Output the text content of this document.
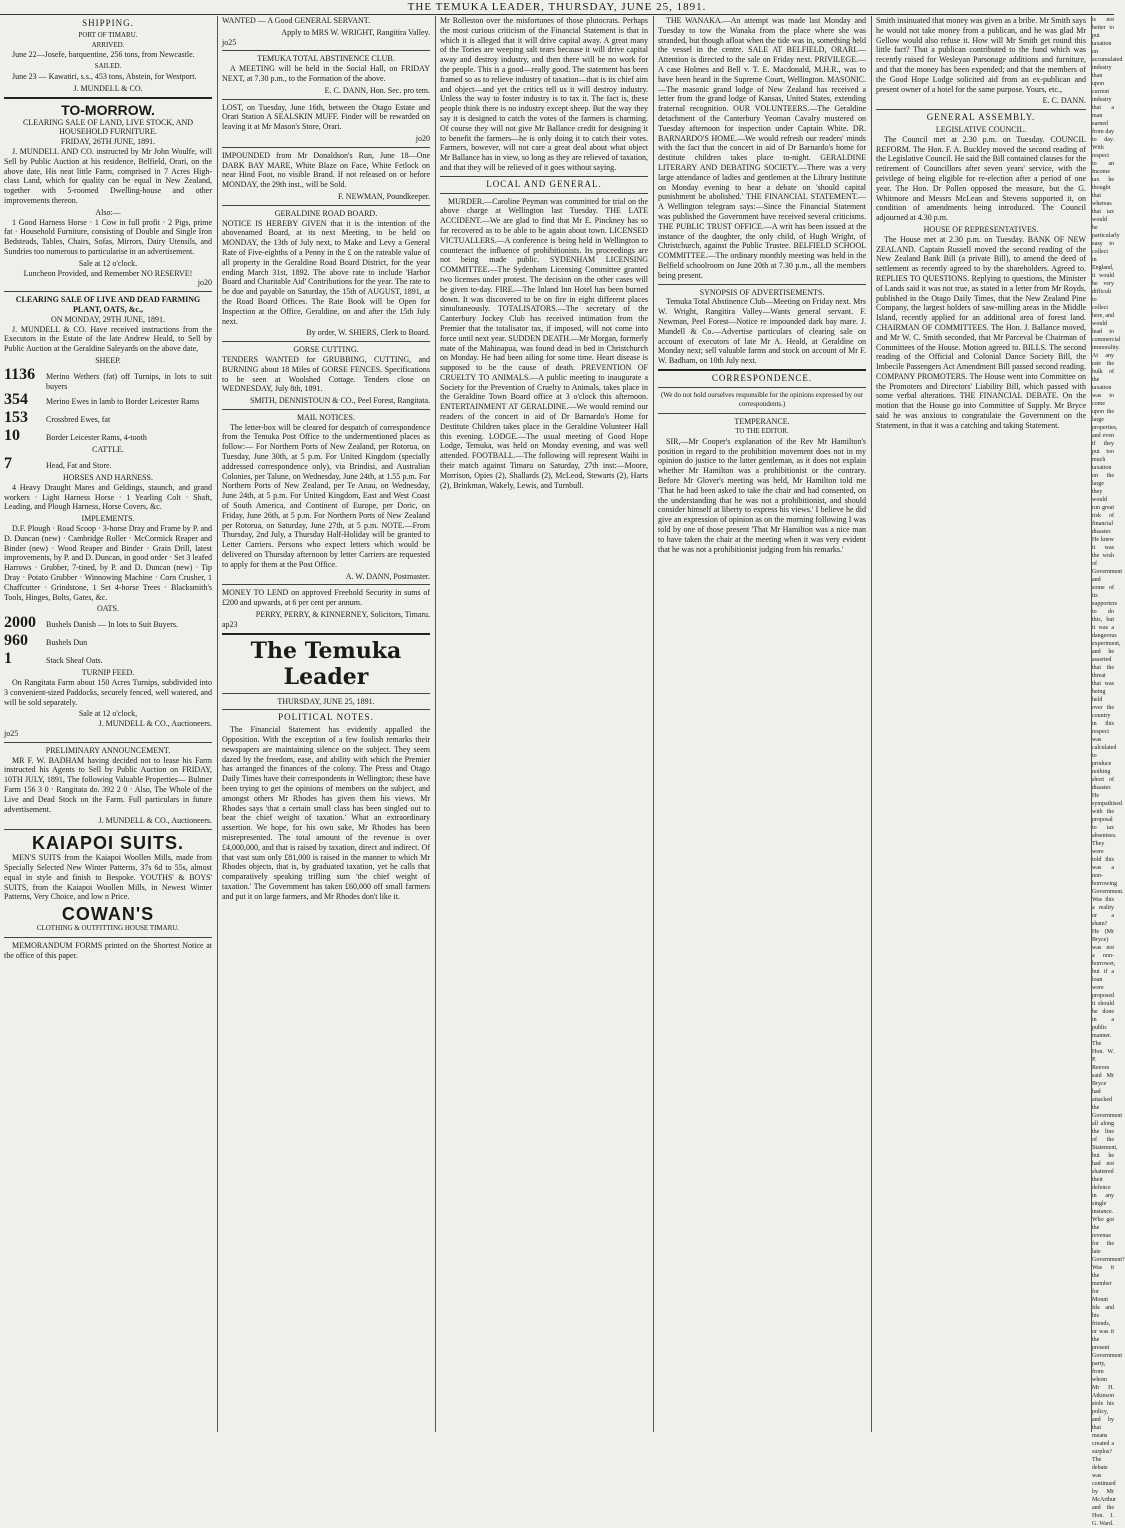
THE TEMUKA LEADER, THURSDAY, JUNE 25, 1891.
SHIPPING.
PORT OF TIMARU.
ARRIVED.

June 22—Josefe, barquentine, 256 tons, from Newcastle.

SAILED.

June 23 — Kawatiri, s.s., 453 tons, Abstein, for Westport.

J. MUNDELL & CO.
TO-MORROW.
CLEARING SALE OF LAND, LIVE STOCK, AND HOUSEHOLD FURNITURE.
FRIDAY, 26TH JUNE, 1891.

J. MUNDELL AND CO. instructed by Mr John Woulfe, will Sell by Public Auction at his residence, Belfield, Orari, on the above date, His neat little Farm, comprised in 7 Acres High-class Land, which for quality can be equal in New Zealand, together with 5-roomed Dwelling-house and other improvements thereon.

Also:—

1 Good Harness Horse · 1 Cow in full profit · 2 Pigs, prime fat · Household Furniture, consisting of Double and Single Iron Bedsteads, Tables, Chairs, Sofas, Mirrors, Dairy Utensils, and Sundries too numerous to particularise in an advertisement.

Sale at 12 o'clock.
Luncheon Provided, and Remember NO RESERVE!
jo20
CLEARING SALE OF LIVE AND DEAD FARMING PLANT, OATS, &c.,
ON MONDAY, 29TH JUNE, 1891.

J. MUNDELL & CO. Have received instructions from the Executors in the Estate of the late Andrew Heald, to Sell by Public Auction at the Geraldine Saleyards on the above date,

SHEEP.
1136	Merino Wethers (fat) off Turnips, in lots to suit buyers
354	Merino Ewes in lamb to Border Leicester Rams
153	Crossbred Ewes, fat
10	Border Leicester Rams, 4-tooth
CATTLE.
7	Head, Fat and Store.
HORSES AND HARNESS.

4 Heavy Draught Mares and Geldings, staunch, and grand workers · Light Harness Horse · 1 Yearling Colt · Shaft, Leading, and Plough Harness, Horse Covers, &c.

IMPLEMENTS.

D.F. Plough · Road Scoop · 3-horse Dray and Frame by P. and D. Duncan (new) · Cambridge Roller · McCormick Reaper and Binder (new) · Wood Reaper and Binder · Grain Drill, latest improvements, by P. and D. Duncan, in good order · Set 3 leafed Harrows · Grubber, 7-tined, by P. and D. Duncan (new) · Tip Dray · Potato Grubber · Winnowing Machine · Corn Crusher, 1 Chaffcutter · Grindstone, 1 Set 4-horse Trees · Blacksmith's Tools, Hinges, Bolts, Gates, &c.

OATS.
2000	Bushels Danish — In lots to Suit Buyers.
960	Bushels Dun
1	Stack Sheaf Oats.
TURNIP FEED.

On Rangitata Farm about 150 Acres Turnips, subdivided into 3 convenient-sized Paddocks, securely fenced, well watered, and will be sold separately.

Sale at 12 o'clock,
J. MUNDELL & CO., Auctioneers.
jo25
PRELIMINARY ANNOUNCEMENT.

MR F. W. BADHAM having decided not to lease his Farm instructed his Agents to Sell by Public Auction on FRIDAY, 10TH JULY, 1891, The following Valuable Properties— Bulmer Farm 156 3 0 · Rangitata do. 392 2 0 · Also, The Whole of the Live and Dead Stock on the Farm. Full particulars in future advertisement.

J. MUNDELL & CO., Auctioneers.
KAIAPOI SUITS.

MEN'S SUITS from the Kaiapoi Woollen Mills, made from Specially Selected New Winter Patterns, 37s 6d to 55s, almost equal in style and finish to Bespoke. YOUTHS' & BOYS' SUITS, from the Kaiapoi Woollen Mills, in Newest Winter Patterns, Very Choice, and low n Price.

COWAN'S
CLOTHING & OUTFITTING HOUSE TIMARU.

MEMORANDUM FORMS printed on the Shortest Notice at the office of this paper.

WANTED — A Good GENERAL SERVANT.

Apply to MRS W. WRIGHT, Rangitira Valley.
jo25
TEMUKA TOTAL ABSTINENCE CLUB.

A MEETING will be held in the Social Hall, on FRIDAY NEXT, at 7.30 p.m., to the Formation of the above.

E. C. DANN, Hon. Sec. pro tem.

LOST, on Tuesday, June 16th, between the Otago Estate and Orari Station A SEALSKIN MUFF. Finder will be rewarded on leaving it at Mr Mason's Store, Orari.

jo20

IMPOUNDED from Mr Donaldson's Run, June 18—One DARK BAY MARE, White Blaze on Face, White Fetlock on near Hind Foot, no visible Brand. If not released on or before MONDAY, the 29th inst., will be Sold.

F. NEWMAN, Poundkeeper.
GERALDINE ROAD BOARD.

NOTICE IS HEREBY GIVEN that it is the intention of the abovenamed Board, at its next Meeting, to be held on MONDAY, the 13th of July next, to Make and Levy a General Rate of Five-eighths of a Penny in the £ on the rateable value of all property in the Geraldine Road Board District, for the year ending March 31st, 1892. The above rate to include 'Harbor Board and Charitable Aid' Contributions for the year. The rate to be due and payable on Saturday, the 15th of AUGUST, 1891, at the Road Board Offices. The Rate Book will be Open for Inspection at the Office, Geraldine, on and after the 15th July next.

By order, W. SHIERS, Clerk to Board.
GORSE CUTTING.

TENDERS WANTED for GRUBBING, CUTTING, and BURNING about 18 Miles of GORSE FENCES. Specifications to be seen at Woolshed Cottage. Tenders close on WEDNESDAY, July 8th, 1891.

SMITH, DENNISTOUN & CO., Peel Forest, Rangitata.
MAIL NOTICES.

The letter-box will be cleared for despatch of correspondence from the Temuka Post Office to the undermentioned places as follow:— For Northern Ports of New Zealand, per Rotorua, on Tuesday, June 30th, at 5 p.m. For United Kingdom (specially addressed correspondence only), via Brindisi, and Australian Colonies, per Talune, on Wednesday, June 24th, at 1.55 p.m. For Northern Ports of New Zealand, per Te Anau, on Wednesday, June 24th, at 5 p.m. For United Kingdom, East and West Coast of South America, and Continent of Europe, per Doric, on Friday, June 26th, at 5 p.m. For Northern Ports of New Zealand per Rotorua, on Saturday, June 27th, at 5 p.m. NOTE.—From Thursday, 2nd July, a Thursday Half-Holiday will be granted to Letter Carriers. Persons who expect letters which would be delivered on Thursday afternoon by letter Carriers are requested to apply for them at the Post Office.

A. W. DANN, Postmaster.

MONEY TO LEND on approved Freehold Security in sums of £200 and upwards, at 6 per cent per annum.

PERRY, PERRY, & KINNERNEY, Solicitors, Timaru.
ap23
The Temuka Leader
THURSDAY, JUNE 25, 1891.
POLITICAL NOTES.

The Financial Statement has evidently appalled the Opposition. With the exception of a few foolish remarks their newspapers are maintaining silence on the subject. They seem dazed by the freedom, ease, and ability with which the Premier has arranged the finances of the colony. The Press and Otago Daily Times have their correspondents in Wellington; these have been trying to get the opinions of members on the subject, and amongst others Mr Rhodes has given them his views. Mr Rhodes says 'that a certain small class has been singled out to bear the chief weight of taxation.' What an extraordinary assertion. We hope, for his own sake, Mr Rhodes has been misrepresented. The total amount of the revenue is over £4,000,000, and that is raised by taxation, direct and indirect. Of that vast sum only £81,000 is raised in the manner to which Mr Rhodes objects, that is, by graduated taxation, yet he calls that comparatively speaking trifling sum 'the chief weight of taxation.' The Government has taken £60,000 off small farmers and put it on large farmers, and Mr Rhodes don't like it.

Mr Rolleston over the misfortunes of those plutocrats. Perhaps the most curious criticism of the Financial Statement is that in which it is alleged that it will drive capital away. A great many of the Tories are weeping salt tears because it will drive capital away and destroy industry, and then there will be no work for the people. This is a good—really good. The statement has been framed so as to relieve industry of taxation—that is its chief aim and object—and yet the critics tell us it will destroy industry. Unless the way to foster industry is to tax it. The fact is, these people think there is no industry except sheep. But the way they say it is designed to catch the votes of the farmers is charming. Of course they will not give Mr Ballance credit for designing it to benefit the farmers—he is only doing it to catch their votes. Farmers, however, will not care a great deal about what object Mr Ballance has in view, so long as they are relieved of taxation, and that they will be relieved of it goes without saying.

LOCAL AND GENERAL.

MURDER.—Caroline Peyman was committed for trial on the above charge at Wellington last Tuesday. THE LATE ACCIDENT.—We are glad to find that Mr E. Pinckney has so far recovered as to be able to be again about town. LICENSED VICTUALLERS.—A conference is being held in Wellington to counteract the influence of prohibitionists. Its proceedings are not being made public. SYDENHAM LICENSING COMMITTEE.—The Sydenham Licensing Committee granted two licenses under protest. The decision on the other cases will be given to-day. FIRE.—The Inland Inn Hotel has been burned down. It was discovered to be on fire in eight different places simultaneously. TOTALISATORS.—The secretary of the Canterbury Jockey Club has received intimation from the Premier that the totalisator tax, if imposed, will not come into force until next year. SUDDEN DEATH.—Mr Morgan, formerly mate of the Mahinapua, was found dead in bed in Christchurch on Monday. He had been ailing for some time. Heart disease is supposed to be the cause of death. PREVENTION OF CRUELTY TO ANIMALS.—A public meeting to inaugurate a Society for the Prevention of Cruelty to Animals, takes place in the Geraldine Town Board office at 3 o'clock this afternoon. ENTERTAINMENT AT GERALDINE.—We would remind our readers of the concert in aid of Dr Barnardo's Home for Destitute Children takes place in the Geraldine Volunteer Hall this evening. LODGE.—The usual meeting of Good Hope Lodge, Temuka, was held on Monday evening, and was well attended. FOOTBALL.—The following will represent Waihi in their match against Timaru on Saturday, 27th inst:—Moore, Morrison, Opies (2), Shallards (2), McLeod, Stewarts (2), Harts (2), Brinkman, Wakely, Lewis, and Turnbull.

THE WANAKA.—An attempt was made last Monday and Tuesday to tow the Wanaka from the place where she was stranded, but though afloat when the tide was in, something held the vessel in the centre. SALE AT BELFIELD, ORARI.—Attention is directed to the sale on Friday next. PRIVILEGE.—A case Holmes and Bell v. T. E. Macdonald, M.H.R., was to have been heard in the Supreme Court, Wellington. MASONIC.—The masonic grand lodge of New Zealand has received a letter from the grand lodge of Kansas, United States, extending fraternal recognition. OUR VOLUNTEERS.—The Geraldine detachment of the Canterbury Yeoman Cavalry mustered on Tuesday afternoon for inspection under Captain White. DR. BARNARDO'S HOME.—We would refresh our readers' minds with the fact that the concert in aid of Dr Barnardo's home for destitute children takes place to-night. GERALDINE LITERARY AND DEBATING SOCIETY.—There was a very large attendance of ladies and gentlemen at the Library Institute on Monday evening to hear a debate on 'should capital punishment be abolished.' THE FINANCIAL STATEMENT.—A Wellington telegram says:—Since the Financial Statement was published the Government have received several criticisms. THE PUBLIC TRUST OFFICE.—A writ has been issued at the instance of the daughter, the only child, of Hugh Wright, of Christchurch, against the Public Trustee. BELFIELD SCHOOL COMMITTEE.—The ordinary monthly meeting was held in the Belfield schoolroom on June 20th at 7.30 p.m., all the members being present.

SYNOPSIS OF ADVERTISEMENTS.

Temuka Total Abstinence Club—Meeting on Friday next. Mrs W. Wright, Rangitira Valley—Wants general servant. F. Newman, Peel Forest—Notice re impounded dark bay mare. J. Mundell & Co.—Advertise particulars of clearing sale on account of executors of late Mr A. Heald, at Geraldine on Monday next; sell valuable farms and stock on account of Mr F. W. Badham, on 10th July next.

CORRESPONDENCE.
(We do not hold ourselves responsible for the opinions expressed by our correspondents.)
TEMPERANCE.
TO THE EDITOR.

SIR,—Mr Cooper's explanation of the Rev Mr Hamilton's position in regard to the prohibition movement does not in my opinion do justice to the latter gentleman, as it does not explain whether Mr Hamilton was a prohibitionist or the contrary. Before Mr Glover's meeting was held, Mr Hamilton told me 'That he had been asked to take the chair and had consented, on the understanding that he was not a prohibitionist, and should consider himself at liberty to express his views.' I believe he did give an expression of opinion as on the morning following I was told by one of those present 'That Mr Hamilton was a nice man to have taken the chair at the meeting when it was very evident that he was not a prohibitionist judging from his remarks.'

Smith insinuated that money was given as a bribe. Mr Smith says he would not take money from a publican, and he was glad Mr Gellow would also refuse it. How will Mr Smith get round this little fact? That a publican contributed to the fund which was recently raised for Wesleyan Parsonage additions and furniture, and that the money has been expended; and that the members of the Good Hope Lodge solicited aid from an ex-publican and present owner of a hotel for the same purpose. Yours, etc.,

E. C. DANN.
GENERAL ASSEMBLY.
LEGISLATIVE COUNCIL.

The Council met at 2.30 p.m. on Tuesday. COUNCIL REFORM. The Hon. F. A. Buckley moved the second reading of the Legislative Council. He said the Bill contained clauses for the retirement of Councillors after seven years' service, with the privilege of being eligible for re-election after a period of one year. The Hon. Dr Pollen opposed the measure, but the G. Whitmore and Messrs McLean and Stevens supported it, on condition of amendments being introduced. The Council adjourned at 4.30 p.m.

HOUSE OF REPRESENTATIVES.

The House met at 2.30 p.m. on Tuesday. BANK OF NEW ZEALAND. Captain Russell moved the second reading of the New Zealand Bank Bill (a private Bill), to amend the deed of settlement as recently agreed to by the shareholders. Agreed to. REPLIES TO QUESTIONS. Replying to questions, the Minister of Lands said it was not true, as stated in a letter from Mr Royds, published in the Otago Daily Times, that the New Zealand Pine Company, the largest holders of saw-milling areas in the Middle Island, recently applied for an additional area of forest land. CHAIRMAN OF COMMITTEES. The Hon. J. Ballance moved, and Mr W. C. Smith seconded, that Mr Parceval be Chairman of Committees of the House. Motion agreed to. BILLS. The second reading of the Official and Colonial Dance Society Bill, the Imbecile Passengers Act Amendment Bill passed second reading. COMPANY PROMOTERS. The House went into Committee on the Promoters and Directors' Liability Bill, which passed with some verbal alterations. THE FINANCIAL DEBATE. On the motion that the House go into Committee of Supply. Mr Bryce said he was anxious to congratulate the Government on the Statement, in that it was a catching and taking Statement.

is not better to put taxation on accumulated industry than upon current industry that a man earned from day to day. With respect to an Income tax he thought that whereas that tax would be particularly easy to collect in England, it would be very difficult to collect here, and would lead to commercial immorality. At any rate the bulk of the taxation was to come upon the large properties, and even if they put too much taxation on the large they would run great risk of financial disaster. He knew it was the wish of Government and some of its supporters to do this, but it was a dangerous experiment, and he asserted that the threat that was being held over the country in this respect was calculated to produce nothing short of disaster. He sympathised with the proposal to tax absentees. They were told this was a non-borrowing Government. Was this a reality or a sham? He (Mr Bryce) was not a non-borrower, but if a loan were proposed it should be done in a public manner. The Hon. W. P. Reeves said Mr Bryce had attacked the Government all along the line of the Statement, but he had not shattered their defence in any single instance. Who got the revenue for the late Government? Was it the member for Mount Ida and his friends, or was it the present Government party, from whom Mr H. Atkinson stole his policy, and by that means created a surplus? The debate was continued by Mr McArthur and the Hon. J. G. Ward.
